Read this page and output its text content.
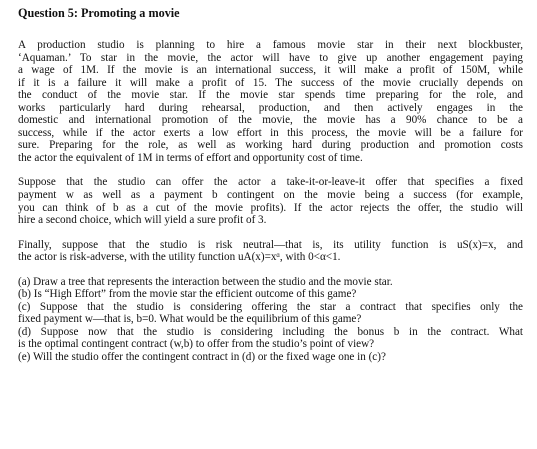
Question 5: Promoting a movie
A production studio is planning to hire a famous movie star in their next blockbuster,
‘Aquaman.’ To star in the movie, the actor will have to give up another engagement paying
a wage of 1M. If the movie is an international success, it will make a profit of 150M, while
if it is a failure it will make a profit of 15. The success of the movie crucially depends on
the conduct of the movie star. If the movie star spends time preparing for the role, and
works particularly hard during rehearsal, production, and then actively engages in the
domestic and international promotion of the movie, the movie has a 90% chance to be a
success, while if the actor exerts a low effort in this process, the movie will be a failure for
sure. Preparing for the role, as well as working hard during production and promotion costs
the actor the equivalent of 1M in terms of effort and opportunity cost of time.
Suppose that the studio can offer the actor a take-it-or-leave-it offer that specifies a fixed
payment w as well as a payment b contingent on the movie being a success (for example,
you can think of b as a cut of the movie profits). If the actor rejects the offer, the studio will
hire a second choice, which will yield a sure profit of 3.
Finally, suppose that the studio is risk neutral—that is, its utility function is uS(x)=x, and
the actor is risk-adverse, with the utility function uA(x)=xᵅ, with 0<α<1.
(a) Draw a tree that represents the interaction between the studio and the movie star.
(b) Is “High Effort” from the movie star the efficient outcome of this game?
(c) Suppose that the studio is considering offering the star a contract that specifies only the
fixed payment w—that is, b=0. What would be the equilibrium of this game?
(d) Suppose now that the studio is considering including the bonus b in the contract. What
is the optimal contingent contract (w,b) to offer from the studio’s point of view?
(e) Will the studio offer the contingent contract in (d) or the fixed wage one in (c)?
